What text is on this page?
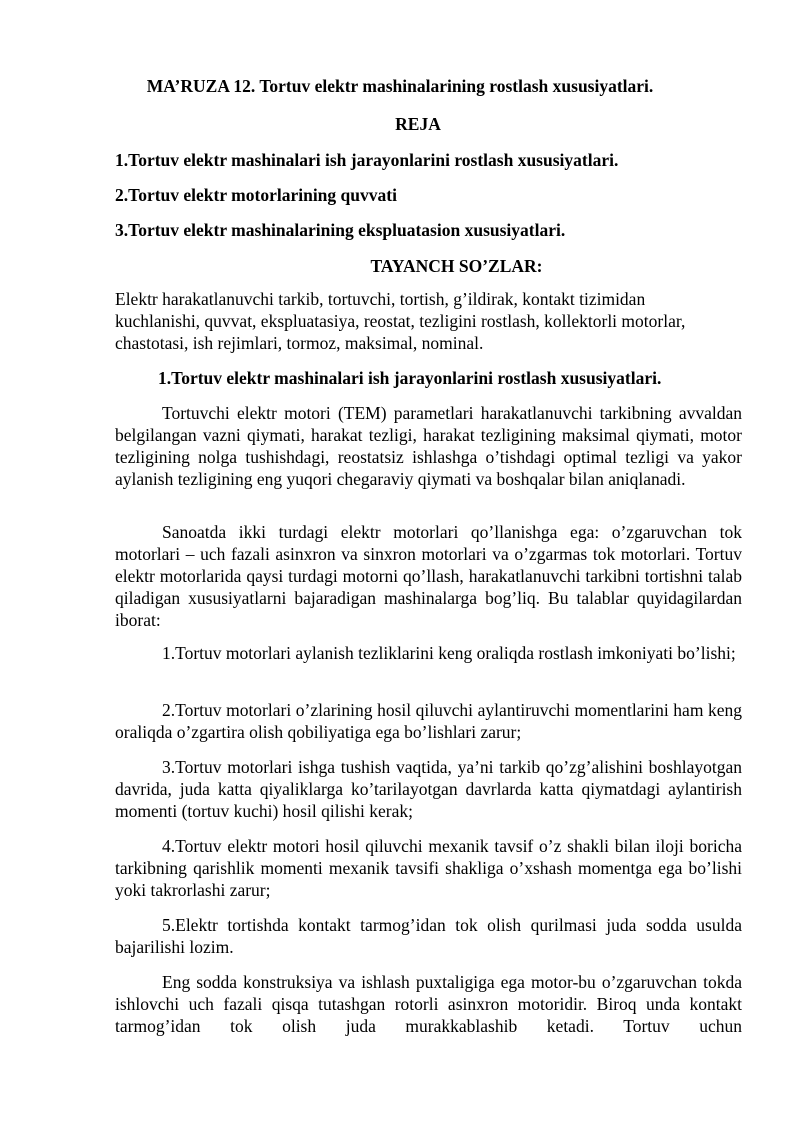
MA’RUZA 12. Tortuv elektr mashinalarining rostlash xususiyatlari.
REJA
1.Tortuv elektr mashinalari ish jarayonlarini rostlash xususiyatlari.
2.Tortuv elektr motorlarining quvvati
3.Tortuv elektr mashinalarining ekspluatasion xususiyatlari.
TAYANCH SO’ZLAR:
Elektr harakatlanuvchi tarkib, tortuvchi, tortish, g’ildirak, kontakt tizimidan
kuchlanishi, quvvat, ekspluatasiya, reostat, tezligini rostlash, kollektorli motorlar,
chastotasi, ish rejimlari, tormoz, maksimal, nominal.
1.Tortuv elektr mashinalari ish jarayonlarini rostlash xususiyatlari.

Tortuvchi elektr motori (TEM) parametlari harakatlanuvchi tarkibning avvaldan belgilangan vazni qiymati, harakat tezligi, harakat tezligining maksimal qiymati, motor tezligining nolga tushishdagi, reostatsiz ishlashga o’tishdagi optimal tezligi va yakor aylanish tezligining eng yuqori chegaraviy qiymati va boshqalar bilan aniqlanadi.

Sanoatda ikki turdagi elektr motorlari qo’llanishga ega: o’zgaruvchan tok motorlari – uch fazali asinxron va sinxron motorlari va o’zgarmas tok motorlari. Tortuv elektr motorlarida qaysi turdagi motorni qo’llash, harakatlanuvchi tarkibni tortishni talab qiladigan xususiyatlarni bajaradigan mashinalarga bog’liq. Bu talablar quyidagilardan iborat:

1.Tortuv motorlari aylanish tezliklarini keng oraliqda rostlash imkoniyati bo’lishi;

2.Tortuv motorlari o’zlarining hosil qiluvchi aylantiruvchi momentlarini ham keng oraliqda o’zgartira olish qobiliyatiga ega bo’lishlari zarur;

3.Tortuv motorlari ishga tushish vaqtida, ya’ni tarkib qo’zg’alishini boshlayotgan davrida, juda katta qiyaliklarga ko’tarilayotgan davrlarda katta qiymatdagi aylantirish momenti (tortuv kuchi) hosil qilishi kerak;

4.Tortuv elektr motori hosil qiluvchi mexanik tavsif o’z shakli bilan iloji boricha tarkibning qarishlik momenti mexanik tavsifi shakliga o’xshash momentga ega bo’lishi yoki takrorlashi zarur;

5.Elektr tortishda kontakt tarmog’idan tok olish qurilmasi juda sodda usulda bajarilishi lozim.

Eng sodda konstruksiya va ishlash puxtaligiga ega motor-bu o’zgaruvchan tokda ishlovchi uch fazali qisqa tutashgan rotorli asinxron motoridir. Biroq unda kontakt tarmog’idan tok olish juda murakkablashib ketadi. Tortuv uchun
